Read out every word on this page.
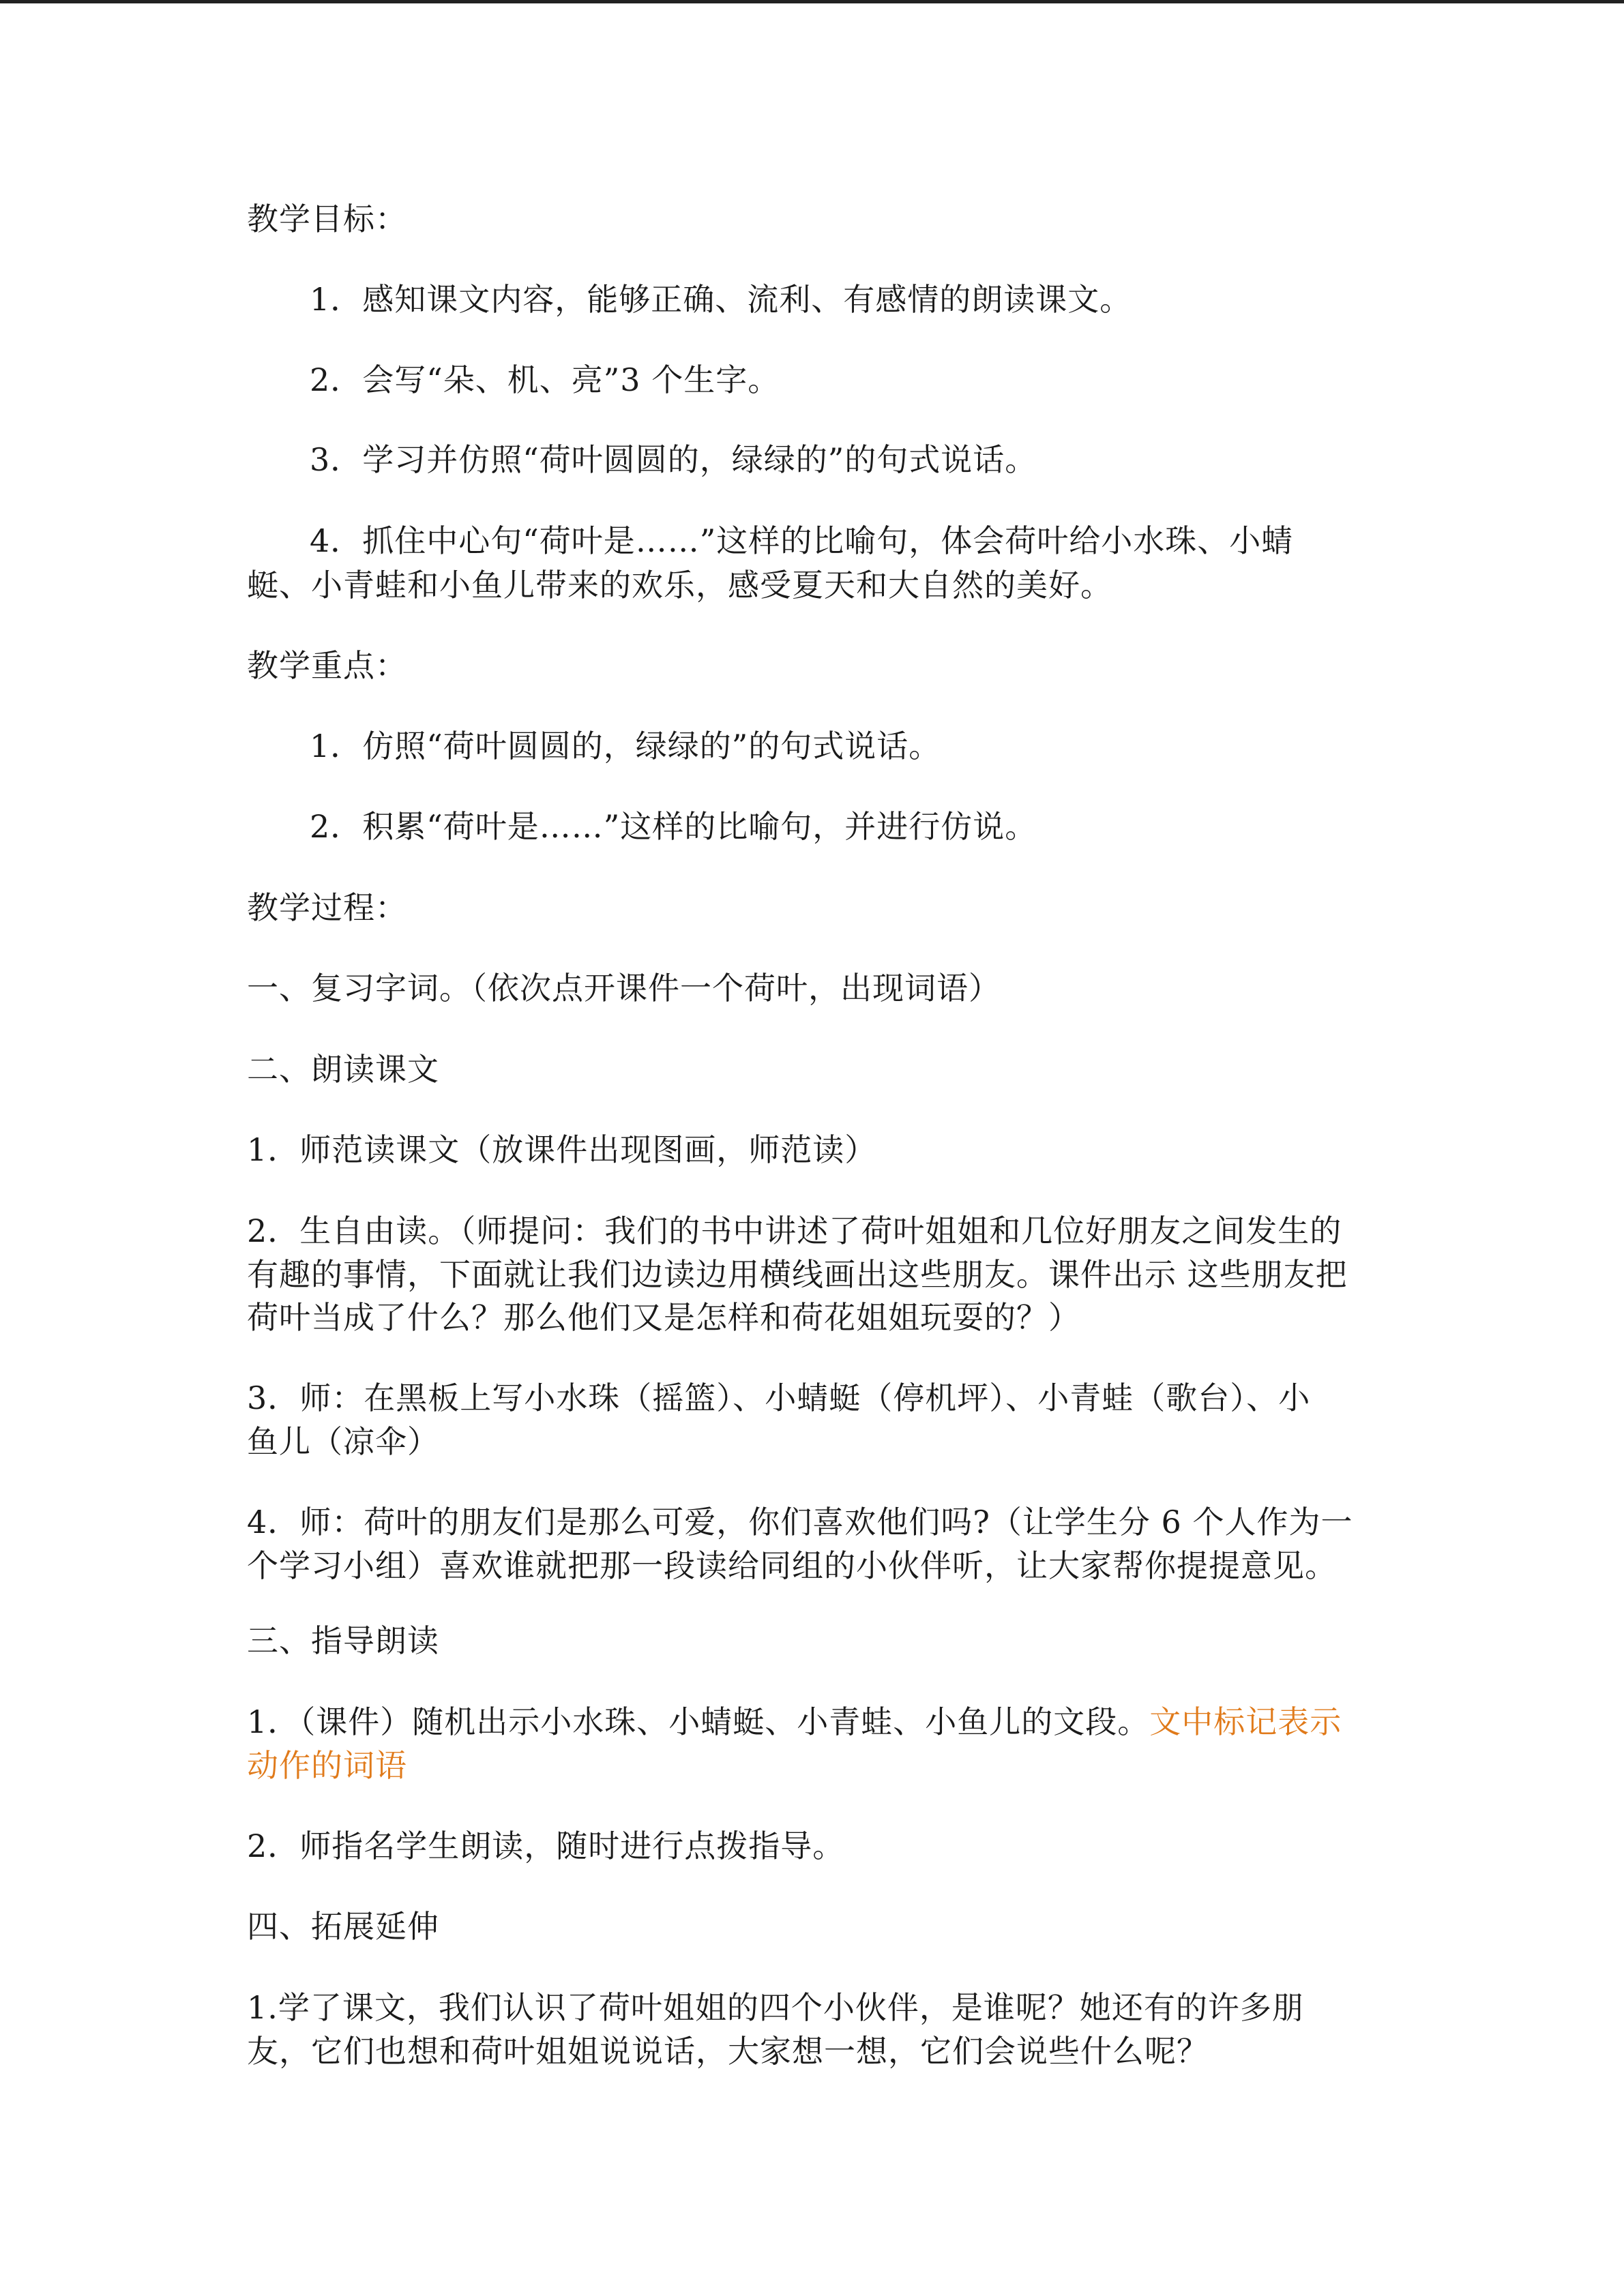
教学目标：
1．感知课文内容，能够正确、流利、有感情的朗读课文。
2．会写“朵、机、亮”3 个生字。
3．学习并仿照“荷叶圆圆的，绿绿的”的句式说话。
4．抓住中心句“荷叶是……”这样的比喻句，体会荷叶给小水珠、小蜻
蜓、小青蛙和小鱼儿带来的欢乐，感受夏天和大自然的美好。
教学重点：
1．仿照“荷叶圆圆的，绿绿的”的句式说话。
2．积累“荷叶是……”这样的比喻句，并进行仿说。
教学过程：
一、复习字词。（依次点开课件一个荷叶，出现词语）
二、朗读课文
1．师范读课文（放课件出现图画，师范读）
2．生自由读。（师提问：我们的书中讲述了荷叶姐姐和几位好朋友之间发生的
有趣的事情，下面就让我们边读边用横线画出这些朋友。课件出示 这些朋友把
荷叶当成了什么？那么他们又是怎样和荷花姐姐玩耍的？）
3．师：在黑板上写小水珠（摇篮）、小蜻蜓（停机坪）、小青蛙（歌台）、小
鱼儿（凉伞）
4．师：荷叶的朋友们是那么可爱，你们喜欢他们吗?（让学生分 6 个人作为一
个学习小组）喜欢谁就把那一段读给同组的小伙伴听，让大家帮你提提意见。
三、指导朗读
1．（课件）随机出示小水珠、小蜻蜓、小青蛙、小鱼儿的文段。文中标记表示
动作的词语
2．师指名学生朗读，随时进行点拨指导。
四、拓展延伸
1.学了课文，我们认识了荷叶姐姐的四个小伙伴，是谁呢？她还有的许多朋
友，它们也想和荷叶姐姐说说话，大家想一想，它们会说些什么呢？
